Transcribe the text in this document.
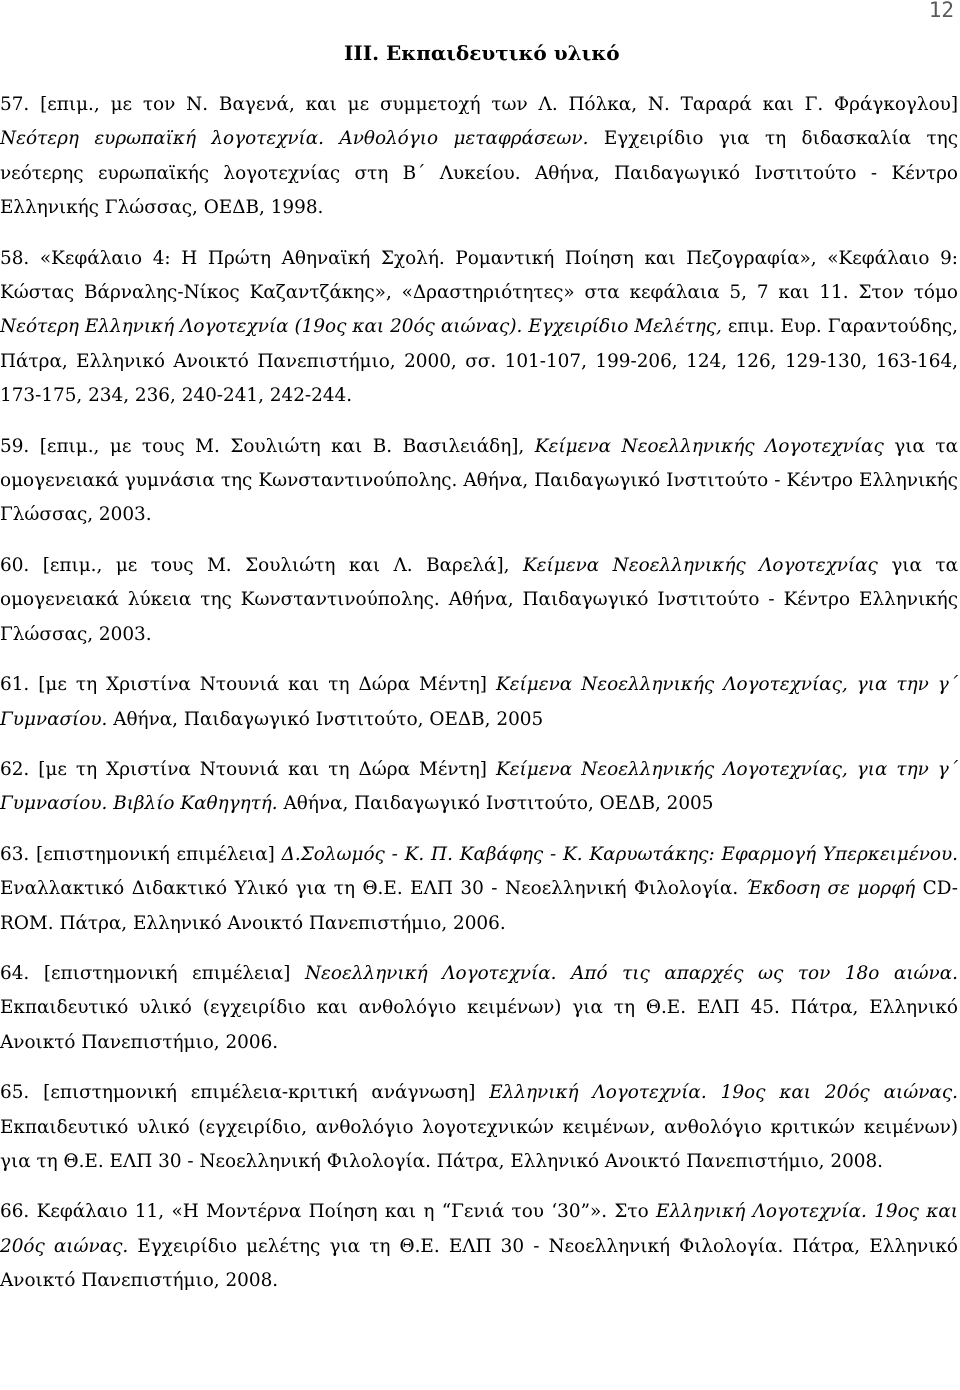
12
III. Εκπαιδευτικό υλικό

57. [επιμ., με τον Ν. Βαγενά, και με συμμετοχή των Λ. Πόλκα, Ν. Ταραρά και Γ. Φράγκογλου] Νεότερη ευρωπαϊκή λογοτεχνία. Ανθολόγιο μεταφράσεων. Εγχειρίδιο για τη διδασκαλία της νεότερης ευρωπαϊκής λογοτεχνίας στη Β΄ Λυκείου. Αθήνα, Παιδαγωγικό Ινστιτούτο - Κέντρο Ελληνικής Γλώσσας, ΟΕΔΒ, 1998.

58. «Κεφάλαιο 4: Η Πρώτη Αθηναϊκή Σχολή. Ρομαντική Ποίηση και Πεζογραφία», «Κεφάλαιο 9: Κώστας Βάρναλης-Νίκος Καζαντζάκης», «Δραστηριότητες» στα κεφάλαια 5, 7 και 11. Στον τόμο Νεότερη Ελληνική Λογοτεχνία (19ος και 20ός αιώνας). Εγχειρίδιο Μελέτης, επιμ. Ευρ. Γαραντούδης, Πάτρα, Ελληνικό Ανοικτό Πανεπιστήμιο, 2000, σσ. 101-107, 199-206, 124, 126, 129-130, 163-164, 173-175, 234, 236, 240-241, 242-244.

59. [επιμ., με τους Μ. Σουλιώτη και Β. Βασιλειάδη], Κείμενα Νεοελληνικής Λογοτεχνίας για τα ομογενειακά γυμνάσια της Κωνσταντινούπολης. Αθήνα, Παιδαγωγικό Ινστιτούτο - Κέντρο Ελληνικής Γλώσσας, 2003.

60. [επιμ., με τους Μ. Σουλιώτη και Λ. Βαρελά], Κείμενα Νεοελληνικής Λογοτεχνίας για τα ομογενειακά λύκεια της Κωνσταντινούπολης. Αθήνα, Παιδαγωγικό Ινστιτούτο - Κέντρο Ελληνικής Γλώσσας, 2003.

61. [με τη Χριστίνα Ντουνιά και τη Δώρα Μέντη] Κείμενα Νεοελληνικής Λογοτεχνίας, για την γ΄ Γυμνασίου. Αθήνα, Παιδαγωγικό Ινστιτούτο, ΟΕΔΒ, 2005

62. [με τη Χριστίνα Ντουνιά και τη Δώρα Μέντη] Κείμενα Νεοελληνικής Λογοτεχνίας, για την γ΄ Γυμνασίου. Βιβλίο Καθηγητή. Αθήνα, Παιδαγωγικό Ινστιτούτο, ΟΕΔΒ, 2005

63. [επιστημονική επιμέλεια] Δ.Σολωμός - Κ. Π. Καβάφης - Κ. Καρυωτάκης: Εφαρμογή Υπερκειμένου. Εναλλακτικό Διδακτικό Υλικό για τη Θ.Ε. ΕΛΠ 30 - Νεοελληνική Φιλολογία. Έκδοση σε μορφή CD-ROM. Πάτρα, Ελληνικό Ανοικτό Πανεπιστήμιο, 2006.

64. [επιστημονική επιμέλεια] Νεοελληνική Λογοτεχνία. Από τις απαρχές ως τον 18ο αιώνα. Εκπαιδευτικό υλικό (εγχειρίδιο και ανθολόγιο κειμένων) για τη Θ.Ε. ΕΛΠ 45. Πάτρα, Ελληνικό Ανοικτό Πανεπιστήμιο, 2006.

65. [επιστημονική επιμέλεια-κριτική ανάγνωση] Ελληνική Λογοτεχνία. 19ος και 20ός αιώνας. Εκπαιδευτικό υλικό (εγχειρίδιο, ανθολόγιο λογοτεχνικών κειμένων, ανθολόγιο κριτικών κειμένων) για τη Θ.Ε. ΕΛΠ 30 - Νεοελληνική Φιλολογία. Πάτρα, Ελληνικό Ανοικτό Πανεπιστήμιο, 2008.

66. Κεφάλαιο 11, «Η Μοντέρνα Ποίηση και η “Γενιά του ‘30”». Στο Ελληνική Λογοτεχνία. 19ος και 20ός αιώνας. Εγχειρίδιο μελέτης για τη Θ.Ε. ΕΛΠ 30 - Νεοελληνική Φιλολογία. Πάτρα, Ελληνικό Ανοικτό Πανεπιστήμιο, 2008.
